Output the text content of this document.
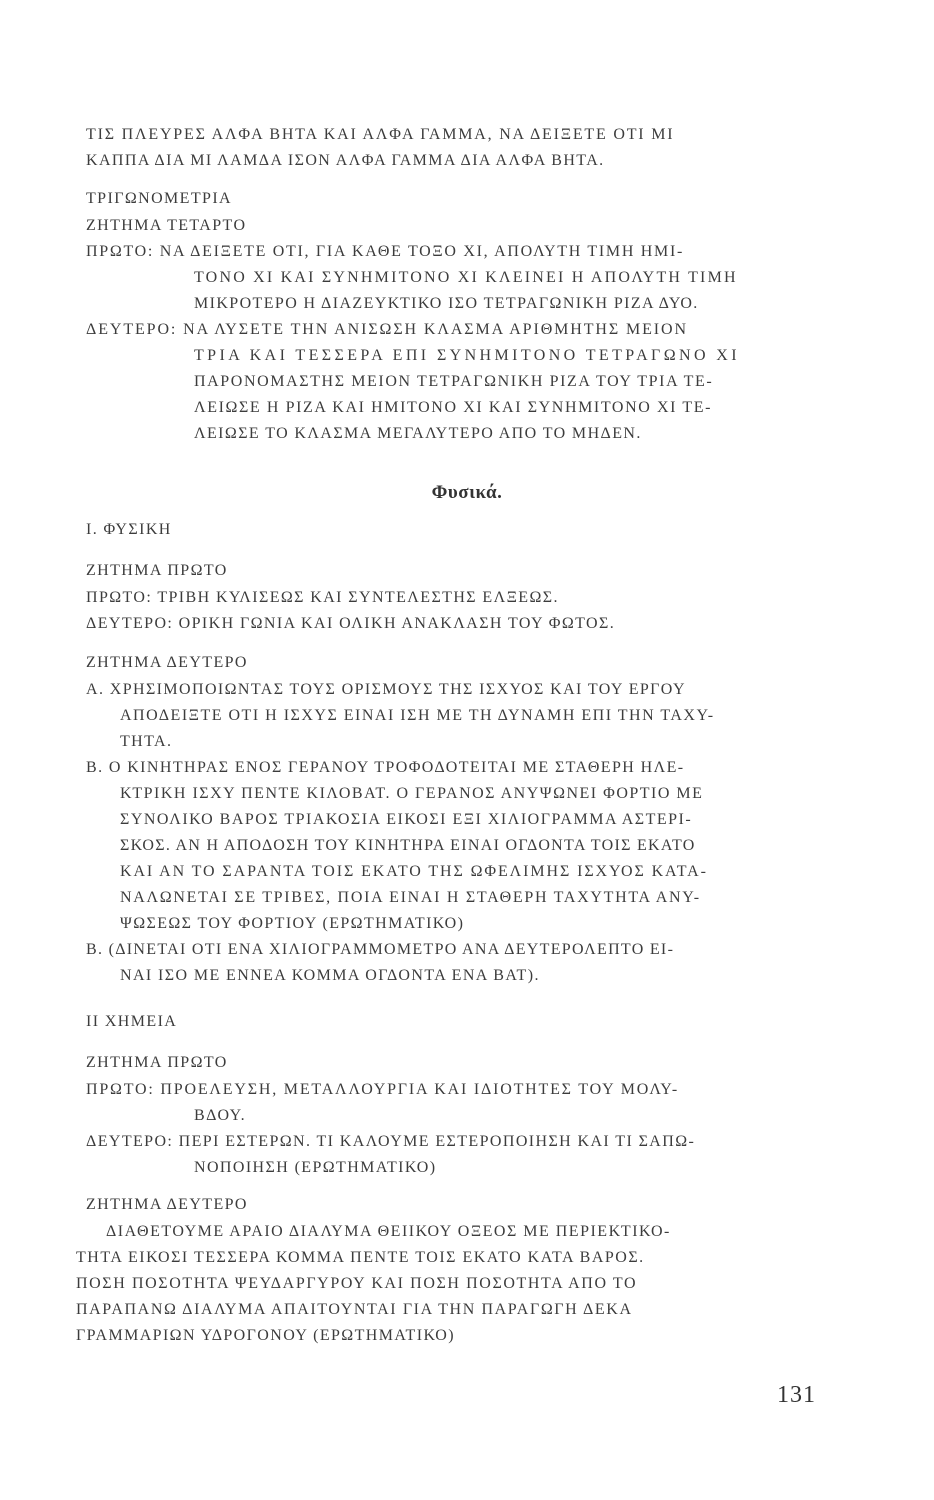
ΤΙΣ ΠΛΕΥΡΕΣ ΑΛΦΑ ΒΗΤΑ ΚΑΙ ΑΛΦΑ ΓΑΜΜΑ, ΝΑ ΔΕΙΞΕΤΕ ΟΤΙ ΜΙ
ΚΑΠΠΑ ΔΙΑ ΜΙ ΛΑΜΔΑ ΙΣΟΝ ΑΛΦΑ ΓΑΜΜΑ ΔΙΑ ΑΛΦΑ ΒΗΤΑ.
ΤΡΙΓΩΝΟΜΕΤΡΙΑ
ΖΗΤΗΜΑ ΤΕΤΑΡΤΟ
ΠΡΩΤΟ: ΝΑ ΔΕΙΞΕΤΕ ΟΤΙ, ΓΙΑ ΚΑΘΕ ΤΟΞΟ ΧΙ, ΑΠΟΛΥΤΗ ΤΙΜΗ ΗΜΙ-
ΤΟΝΟ ΧΙ ΚΑΙ ΣΥΝΗΜΙΤΟΝΟ ΧΙ ΚΛΕΙΝΕΙ Η ΑΠΟΛΥΤΗ ΤΙΜΗ
ΜΙΚΡΟΤΕΡΟ Η ΔΙΑΖΕΥΚΤΙΚΟ ΙΣΟ ΤΕΤΡΑΓΩΝΙΚΗ ΡΙΖΑ ΔΥΟ.
ΔΕΥΤΕΡΟ: ΝΑ ΛΥΣΕΤΕ ΤΗΝ ΑΝΙΣΩΣΗ ΚΛΑΣΜΑ ΑΡΙΘΜΗΤΗΣ ΜΕΙΟΝ
ΤΡΙΑ ΚΑΙ ΤΕΣΣΕΡΑ ΕΠΙ ΣΥΝΗΜΙΤΟΝΟ ΤΕΤΡΑΓΩΝΟ ΧΙ
ΠΑΡΟΝΟΜΑΣΤΗΣ ΜΕΙΟΝ ΤΕΤΡΑΓΩΝΙΚΗ ΡΙΖΑ ΤΟΥ ΤΡΙΑ ΤΕ-
ΛΕΙΩΣΕ Η ΡΙΖΑ ΚΑΙ ΗΜΙΤΟΝΟ ΧΙ ΚΑΙ ΣΥΝΗΜΙΤΟΝΟ ΧΙ ΤΕ-
ΛΕΙΩΣΕ ΤΟ ΚΛΑΣΜΑ ΜΕΓΑΛΥΤΕΡΟ ΑΠΟ ΤΟ ΜΗΔΕΝ.
Φυσικά.
Ι. ΦΥΣΙΚΗ
ΖΗΤΗΜΑ ΠΡΩΤΟ
ΠΡΩΤΟ: ΤΡΙΒΗ ΚΥΛΙΣΕΩΣ ΚΑΙ ΣΥΝΤΕΛΕΣΤΗΣ ΕΛΞΕΩΣ.
ΔΕΥΤΕΡΟ: ΟΡΙΚΗ ΓΩΝΙΑ ΚΑΙ ΟΛΙΚΗ ΑΝΑΚΛΑΣΗ ΤΟΥ ΦΩΤΟΣ.
ΖΗΤΗΜΑ ΔΕΥΤΕΡΟ
Α. ΧΡΗΣΙΜΟΠΟΙΩΝΤΑΣ ΤΟΥΣ ΟΡΙΣΜΟΥΣ ΤΗΣ ΙΣΧΥΟΣ ΚΑΙ ΤΟΥ ΕΡΓΟΥ
ΑΠΟΔΕΙΞΤΕ ΟΤΙ Η ΙΣΧΥΣ ΕΙΝΑΙ ΙΣΗ ΜΕ ΤΗ ΔΥΝΑΜΗ ΕΠΙ ΤΗΝ ΤΑΧΥ-
ΤΗΤΑ.
Β. Ο ΚΙΝΗΤΗΡΑΣ ΕΝΟΣ ΓΕΡΑΝΟΥ ΤΡΟΦΟΔΟΤΕΙΤΑΙ ΜΕ ΣΤΑΘΕΡΗ ΗΛΕ-
ΚΤΡΙΚΗ ΙΣΧΥ ΠΕΝΤΕ ΚΙΛΟΒΑΤ. Ο ΓΕΡΑΝΟΣ ΑΝΥΨΩΝΕΙ ΦΟΡΤΙΟ ΜΕ
ΣΥΝΟΛΙΚΟ ΒΑΡΟΣ ΤΡΙΑΚΟΣΙΑ ΕΙΚΟΣΙ ΕΞΙ ΧΙΛΙΟΓΡΑΜΜΑ ΑΣΤΕΡΙ-
ΣΚΟΣ. ΑΝ Η ΑΠΟΔΟΣΗ ΤΟΥ ΚΙΝΗΤΗΡΑ ΕΙΝΑΙ ΟΓΔΟΝΤΑ ΤΟΙΣ ΕΚΑΤΟ
ΚΑΙ ΑΝ ΤΟ ΣΑΡΑΝΤΑ ΤΟΙΣ ΕΚΑΤΟ ΤΗΣ ΩΦΕΛΙΜΗΣ ΙΣΧΥΟΣ ΚΑΤΑ-
ΝΑΛΩΝΕΤΑΙ ΣΕ ΤΡΙΒΕΣ, ΠΟΙΑ ΕΙΝΑΙ Η ΣΤΑΘΕΡΗ ΤΑΧΥΤΗΤΑ ΑΝΥ-
ΨΩΣΕΩΣ ΤΟΥ ΦΟΡΤΙΟΥ (ΕΡΩΤΗΜΑΤΙΚΟ)
Β. (ΔΙΝΕΤΑΙ ΟΤΙ ΕΝΑ ΧΙΛΙΟΓΡΑΜΜΟΜΕΤΡΟ ΑΝΑ ΔΕΥΤΕΡΟΛΕΠΤΟ ΕΙ-
ΝΑΙ ΙΣΟ ΜΕ ΕΝΝΕΑ ΚΟΜΜΑ ΟΓΔΟΝΤΑ ΕΝΑ ΒΑΤ).
ΙΙ ΧΗΜΕΙΑ
ΖΗΤΗΜΑ ΠΡΩΤΟ
ΠΡΩΤΟ: ΠΡΟΕΛΕΥΣΗ, ΜΕΤΑΛΛΟΥΡΓΙΑ ΚΑΙ ΙΔΙΟΤΗΤΕΣ ΤΟΥ ΜΟΛΥ-
ΒΔΟΥ.
ΔΕΥΤΕΡΟ: ΠΕΡΙ ΕΣΤΕΡΩΝ. ΤΙ ΚΑΛΟΥΜΕ ΕΣΤΕΡΟΠΟΙΗΣΗ ΚΑΙ ΤΙ ΣΑΠΩ-
ΝΟΠΟΙΗΣΗ (ΕΡΩΤΗΜΑΤΙΚΟ)
ΖΗΤΗΜΑ ΔΕΥΤΕΡΟ
ΔΙΑΘΕΤΟΥΜΕ ΑΡΑΙΟ ΔΙΑΛΥΜΑ ΘΕΙΙΚΟΥ ΟΞΕΟΣ ΜΕ ΠΕΡΙΕΚΤΙΚΟ-
ΤΗΤΑ ΕΙΚΟΣΙ ΤΕΣΣΕΡΑ ΚΟΜΜΑ ΠΕΝΤΕ ΤΟΙΣ ΕΚΑΤΟ ΚΑΤΑ ΒΑΡΟΣ.
ΠΟΣΗ ΠΟΣΟΤΗΤΑ ΨΕΥΔΑΡΓΥΡΟΥ ΚΑΙ ΠΟΣΗ ΠΟΣΟΤΗΤΑ ΑΠΟ ΤΟ
ΠΑΡΑΠΑΝΩ ΔΙΑΛΥΜΑ ΑΠΑΙΤΟΥΝΤΑΙ ΓΙΑ ΤΗΝ ΠΑΡΑΓΩΓΗ ΔΕΚΑ
ΓΡΑΜΜΑΡΙΩΝ ΥΔΡΟΓΟΝΟΥ (ΕΡΩΤΗΜΑΤΙΚΟ)
131
